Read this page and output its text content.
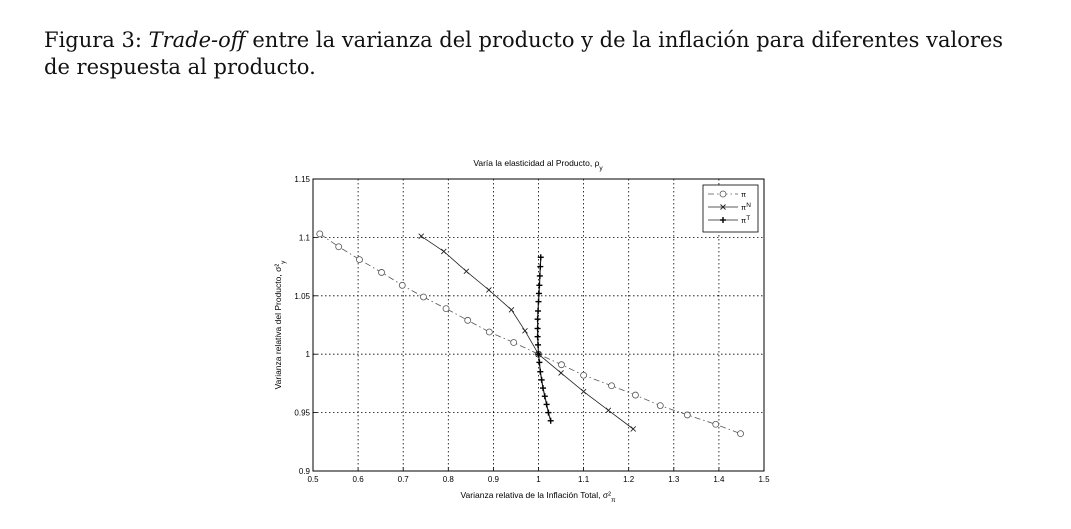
Figura 3: Trade-off entre la varianza del producto y de la inflación para diferentes valores de respuesta al producto.
0.5	0.6	0.7	0.8	0.9	1	1.1	1.2	1.3	1.4	1.5
0.9
0.95
1
1.05
1.1
1.15
Varía la elasticidad al Producto, $\rho_y$
Varianza relativa de la Inflación Total, $\sigma^2_\pi$
Varianza relativa del Producto, $\sigma^2_y$
π
$\pi^N$
$\pi^T$
